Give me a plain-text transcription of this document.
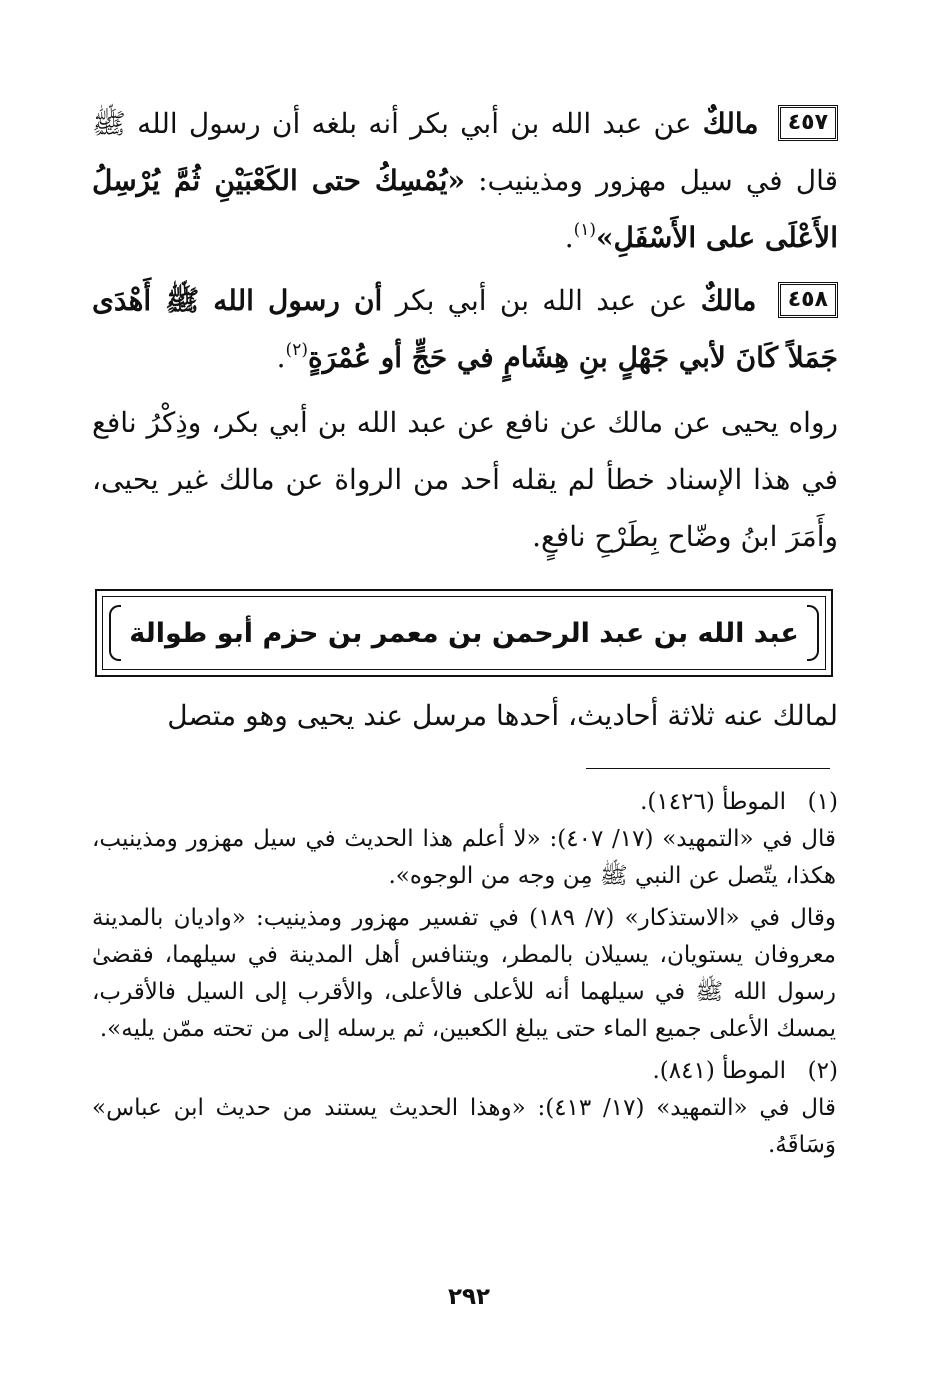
٤٥٧ مالكٌ عن عبد الله بن أبي بكر أنه بلغه أن رسول الله ﷺ قال في سيل مهزور ومذينيب: «يُمْسِكُ حتى الكَعْبَيْنِ ثُمَّ يُرْسِلُ الأَعْلَى على الأَسْفَلِ»$^{(١)}$.

٤٥٨ مالكٌ عن عبد الله بن أبي بكر أن رسول الله ﷺ أَهْدَى جَمَلاً كَانَ لأبي جَهْلٍ بنِ هِشَامٍ في حَجٍّ أو عُمْرَةٍ$^{(٢)}$.

رواه يحيى عن مالك عن نافع عن عبد الله بن أبي بكر، وذِكْرُ نافع في هذا الإسناد خطأ لم يقله أحد من الرواة عن مالك غير يحيى، وأَمَرَ ابنُ وضّاح بِطَرْحِ نافعٍ.

عبد الله بن عبد الرحمن بن معمر بن حزم أبو طوالة
لمالك عنه ثلاثة أحاديث، أحدها مرسل عند يحيى وهو متصل
(١)
الموطأ (١٤٢٦).
قال في «التمهيد» (١٧/ ٤٠٧): «لا أعلم هذا الحديث في سيل مهزور ومذينيب، هكذا، يتّصل عن النبي ﷺ مِن وجه من الوجوه».
وقال في «الاستذكار» (٧/ ١٨٩) في تفسير مهزور ومذينيب: «واديان بالمدينة معروفان يستويان، يسيلان بالمطر، ويتنافس أهل المدينة في سيلهما، فقضىٰ رسول الله ﷺ في سيلهما أنه للأعلى فالأعلى، والأقرب إلى السيل فالأقرب، يمسك الأعلى جميع الماء حتى يبلغ الكعبين، ثم يرسله إلى من تحته ممّن يليه».
(٢)
الموطأ (٨٤١).
قال في «التمهيد» (١٧/ ٤١٣): «وهذا الحديث يستند من حديث ابن عباس» وَسَاقَهُ.
٢٩٢
